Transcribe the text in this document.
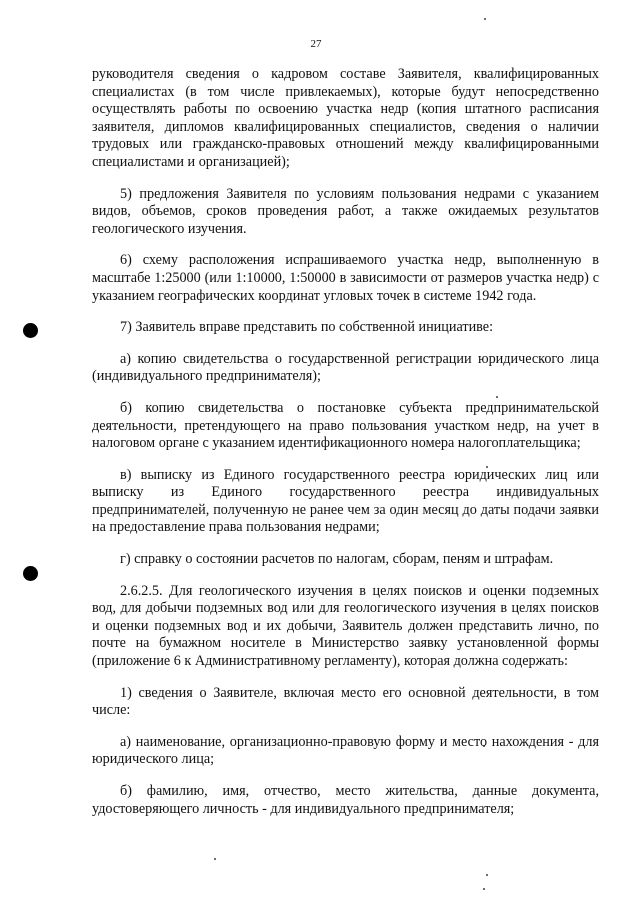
27

руководителя сведения о кадровом составе Заявителя, квалифицированных специалистах (в том числе привлекаемых), которые будут непосредственно осуществлять работы по освоению участка недр (копия штатного расписания заявителя, дипломов квалифицированных специалистов, сведения о наличии трудовых или гражданско-правовых отношений между квалифицированными специалистами и организацией);

5) предложения Заявителя по условиям пользования недрами с указанием видов, объемов, сроков проведения работ, а также ожидаемых результатов геологического изучения.

6) схему расположения испрашиваемого участка недр, выполненную в масштабе 1:25000 (или 1:10000, 1:50000 в зависимости от размеров участка недр) с указанием географических координат угловых точек в системе 1942 года.

7) Заявитель вправе представить по собственной инициативе:

а) копию свидетельства о государственной регистрации юридического лица (индивидуального предпринимателя);

б) копию свидетельства о постановке субъекта предпринимательской деятельности, претендующего на право пользования участком недр, на учет в налоговом органе с указанием идентификационного номера налогоплательщика;

в) выписку из Единого государственного реестра юридических лиц или выписку из Единого государственного реестра индивидуальных предпринимателей, полученную не ранее чем за один месяц до даты подачи заявки на предоставление права пользования недрами;

г) справку о состоянии расчетов по налогам, сборам, пеням и штрафам.

2.6.2.5. Для геологического изучения в целях поисков и оценки подземных вод, для добычи подземных вод или для геологического изучения в целях поисков и оценки подземных вод и их добычи, Заявитель должен представить лично, по почте на бумажном носителе в Министерство заявку установленной формы (приложение 6 к Административному регламенту), которая должна содержать:

1) сведения о Заявителе, включая место его основной деятельности, в том числе:

а) наименование, организационно-правовую форму и место нахождения - для юридического лица;

б) фамилию, имя, отчество, место жительства, данные документа, удостоверяющего личность - для индивидуального предпринимателя;
